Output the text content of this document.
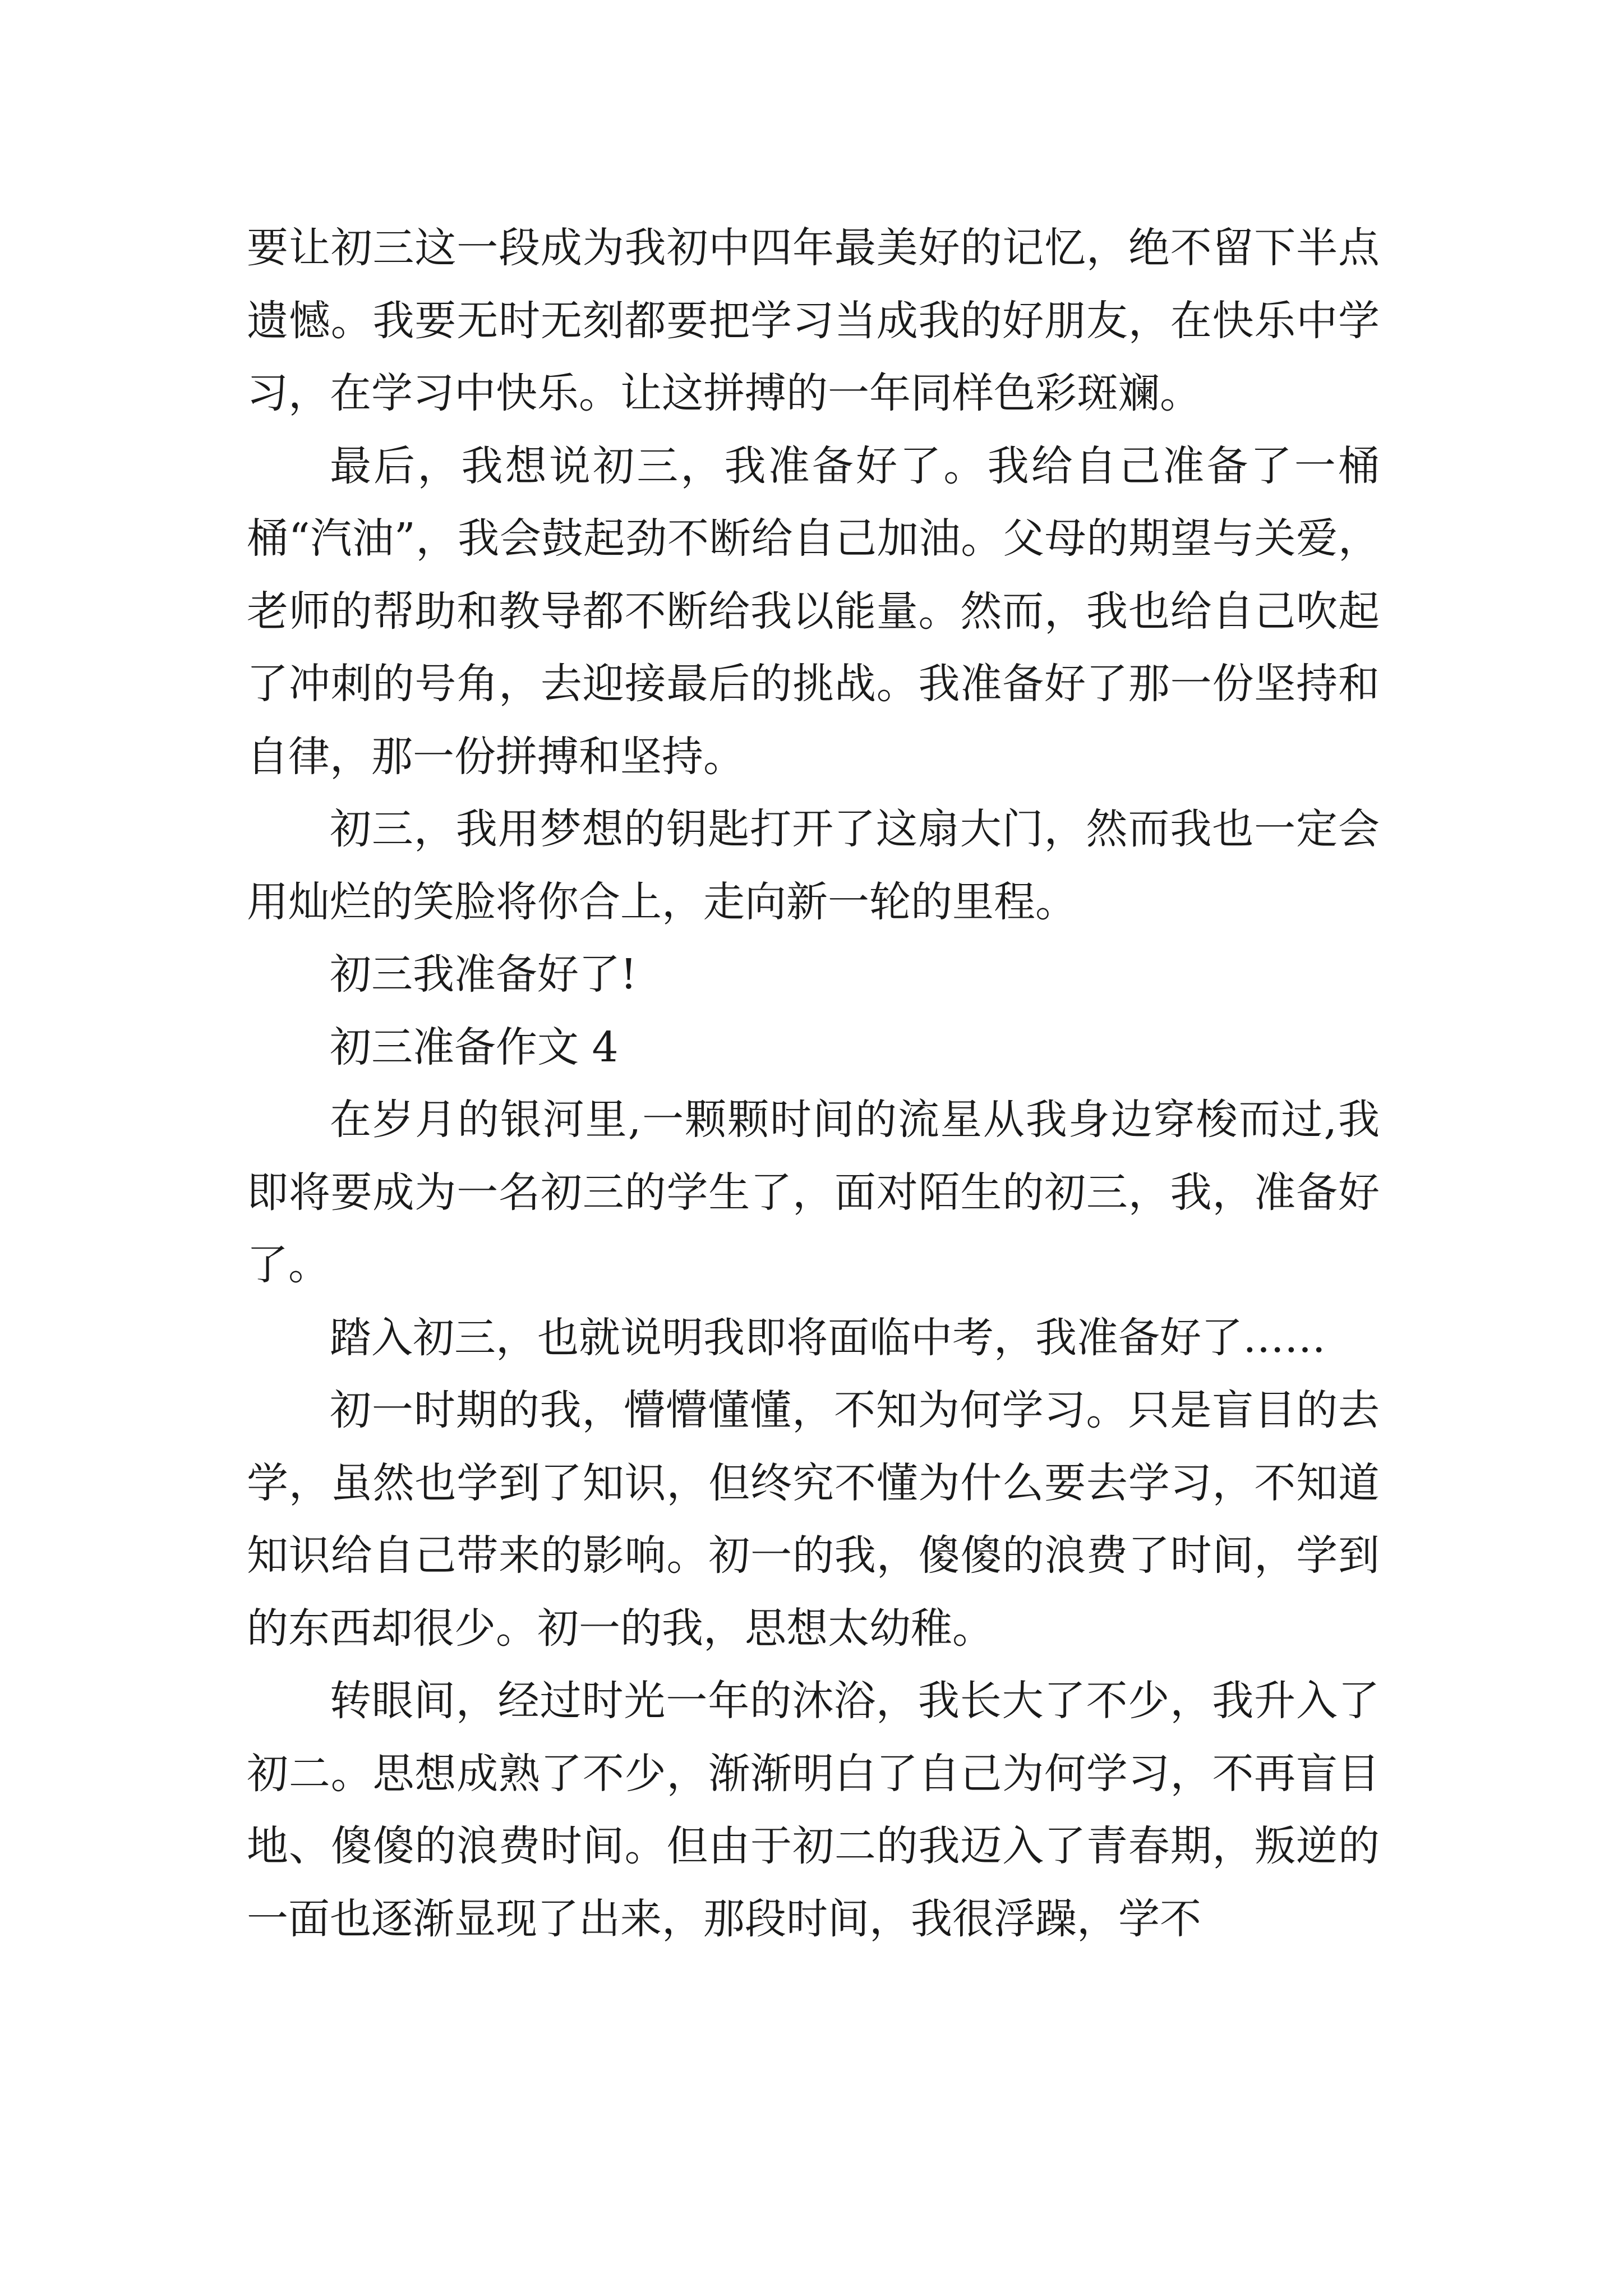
要让初三这一段成为我初中四年最美好的记忆，绝不留下半点遗憾。我要无时无刻都要把学习当成我的好朋友，在快乐中学习，在学习中快乐。让这拼搏的一年同样色彩斑斓。

最后，我想说初三，我准备好了。我给自己准备了一桶桶“汽油”，我会鼓起劲不断给自己加油。父母的期望与关爱，老师的帮助和教导都不断给我以能量。然而，我也给自己吹起了冲刺的号角，去迎接最后的挑战。我准备好了那一份坚持和自律，那一份拼搏和坚持。

初三，我用梦想的钥匙打开了这扇大门，然而我也一定会用灿烂的笑脸将你合上，走向新一轮的里程。

初三我准备好了!

初三准备作文 4

在岁月的银河里,一颗颗时间的流星从我身边穿梭而过,我即将要成为一名初三的学生了，面对陌生的初三，我，准备好了。

踏入初三，也就说明我即将面临中考，我准备好了……

初一时期的我，懵懵懂懂，不知为何学习。只是盲目的去学，虽然也学到了知识，但终究不懂为什么要去学习，不知道知识给自己带来的影响。初一的我，傻傻的浪费了时间，学到的东西却很少。初一的我，思想太幼稚。

转眼间，经过时光一年的沐浴，我长大了不少，我升入了初二。思想成熟了不少，渐渐明白了自己为何学习，不再盲目地、傻傻的浪费时间。但由于初二的我迈入了青春期，叛逆的一面也逐渐显现了出来，那段时间，我很浮躁，学不
